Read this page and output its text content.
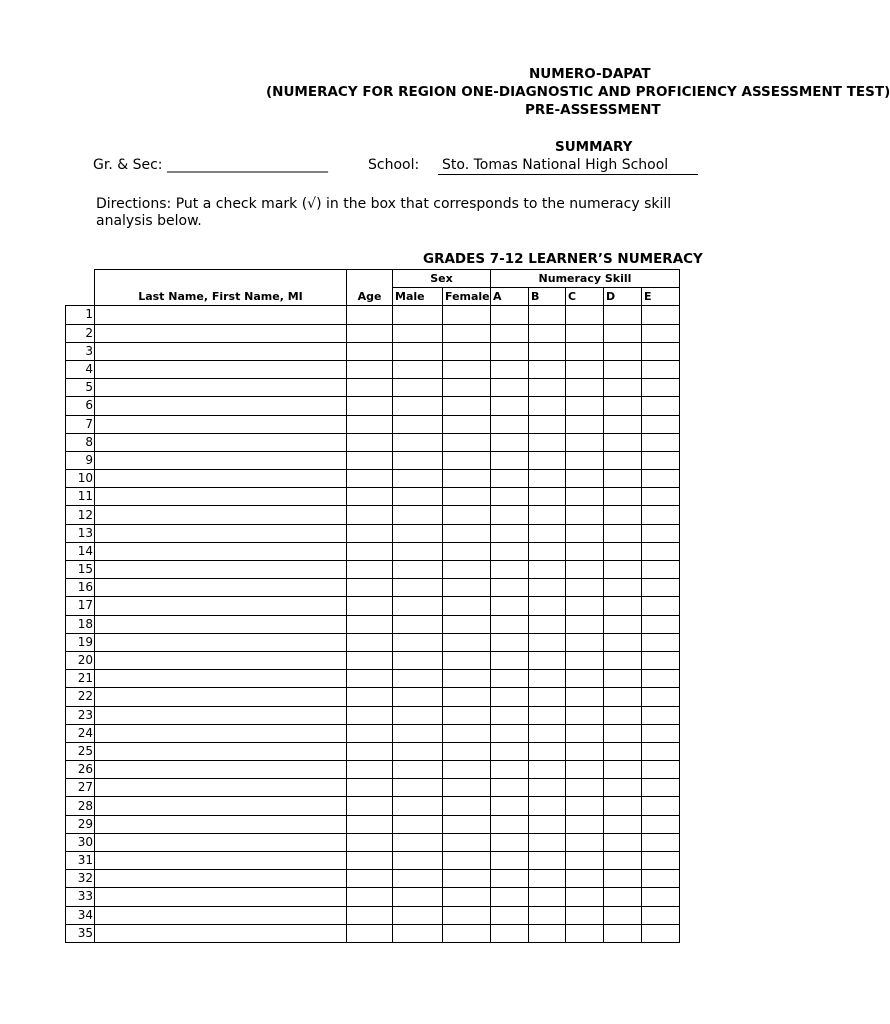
NUMERO-DAPAT
(NUMERACY FOR REGION ONE-DIAGNOSTIC AND PROFICIENCY ASSESSMENT TEST)
PRE-ASSESSMENT
SUMMARY
Gr. & Sec: _______________________	School: Sto. Tomas National High School
Directions: Put a check mark (√) in the box that corresponds to the numeracy skill
analysis below.
GRADES 7-12 LEARNER’S NUMERACY
	Last Name, First Name, MI	Age	Sex		Numeracy Skill				
			Male	Female	A	B	C	D	E
1									
2									
3									
4									
5									
6									
7									
8									
9									
10									
11									
12									
13									
14									
15									
16									
17									
18									
19									
20									
21									
22									
23									
24									
25									
26									
27									
28									
29									
30									
31									
32									
33									
34									
35									
